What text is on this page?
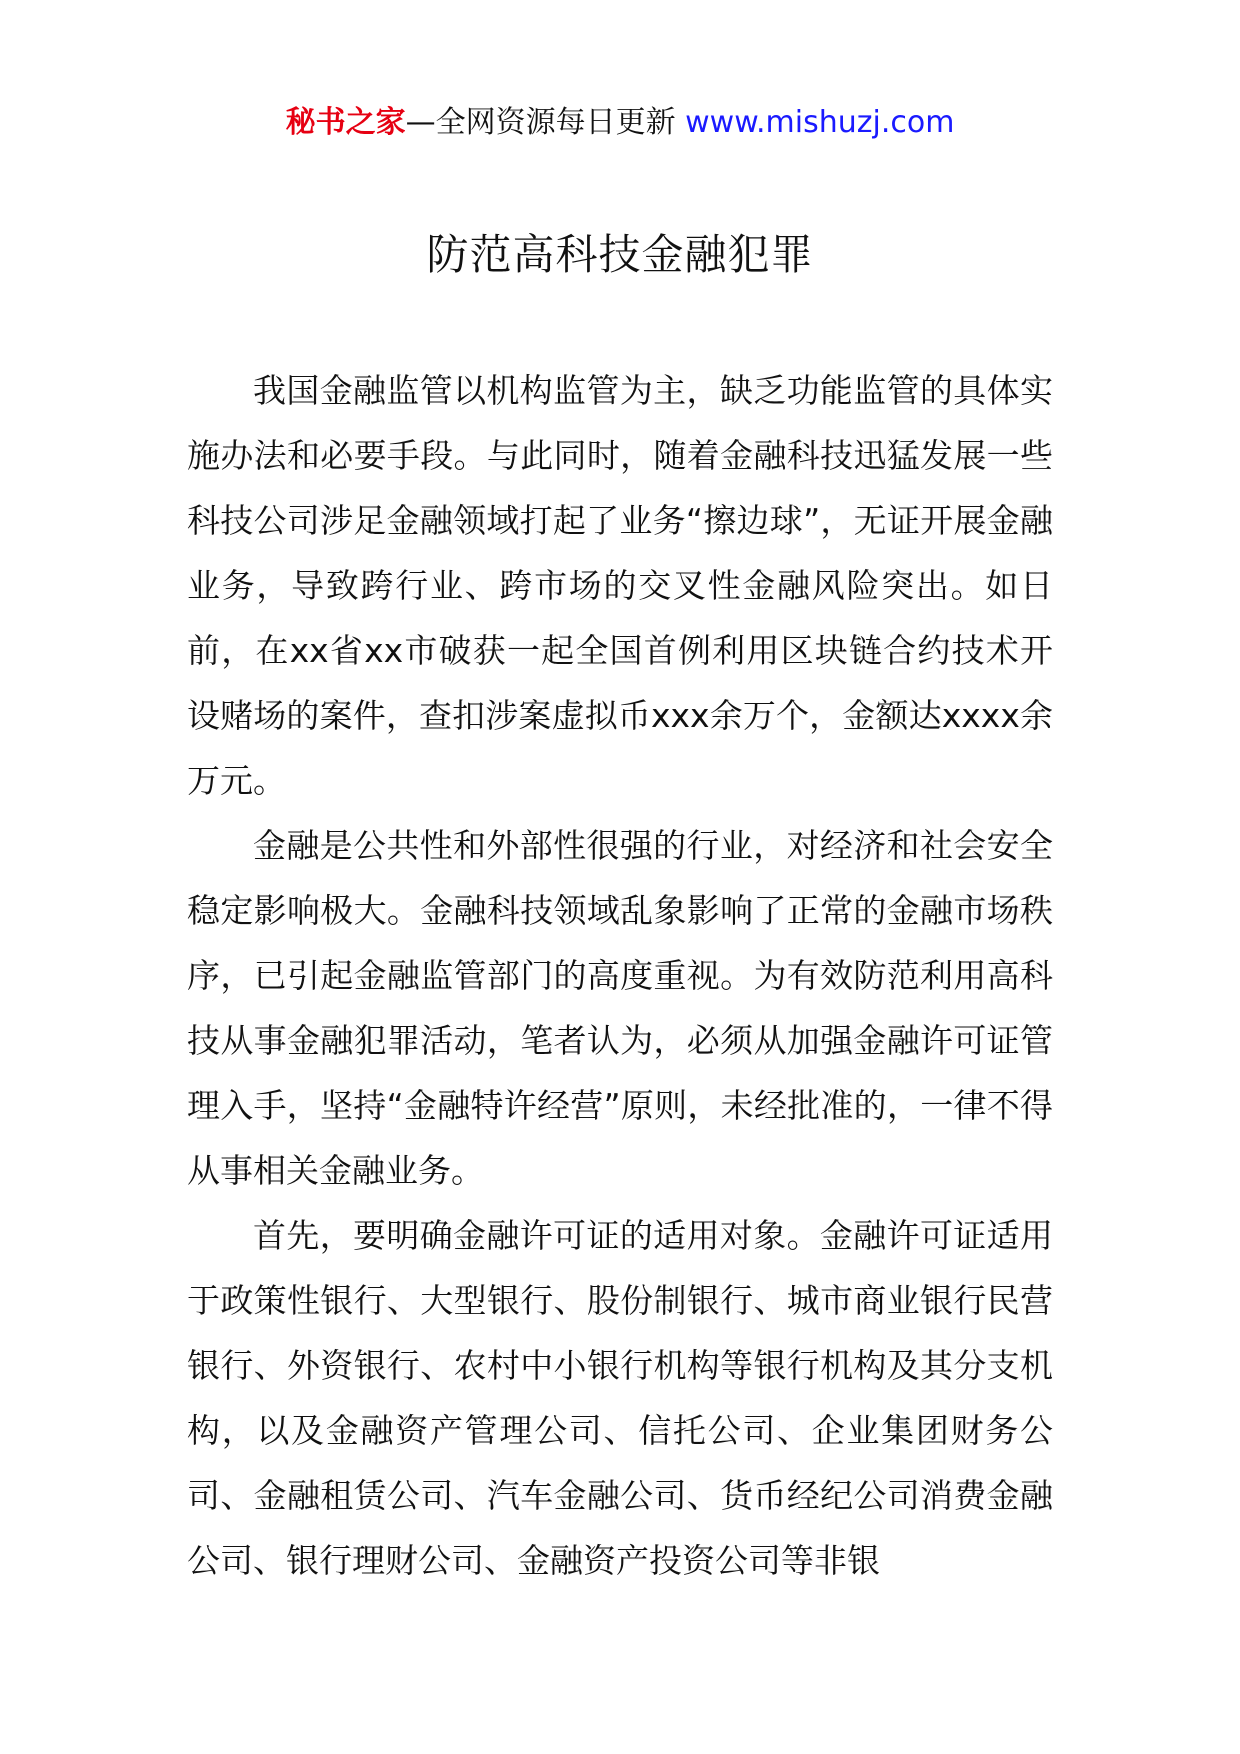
秘书之家—全网资源每日更新 www.mishuzj.com
防范高科技金融犯罪

我国金融监管以机构监管为主，缺乏功能监管的具体实施办法和必要手段。与此同时，随着金融科技迅猛发展一些科技公司涉足金融领域打起了业务“擦边球”，无证开展金融业务，导致跨行业、跨市场的交叉性金融风险突出。如日前，在xx省xx市破获一起全国首例利用区块链合约技术开设赌场的案件，查扣涉案虚拟币xxx余万个，金额达xxxx余万元。

金融是公共性和外部性很强的行业，对经济和社会安全稳定影响极大。金融科技领域乱象影响了正常的金融市场秩序，已引起金融监管部门的高度重视。为有效防范利用高科技从事金融犯罪活动，笔者认为，必须从加强金融许可证管理入手，坚持“金融特许经营”原则，未经批准的，一律不得从事相关金融业务。

首先，要明确金融许可证的适用对象。金融许可证适用于政策性银行、大型银行、股份制银行、城市商业银行民营银行、外资银行、农村中小银行机构等银行机构及其分支机构，以及金融资产管理公司、信托公司、企业集团财务公司、金融租赁公司、汽车金融公司、货币经纪公司消费金融公司、银行理财公司、金融资产投资公司等非银
